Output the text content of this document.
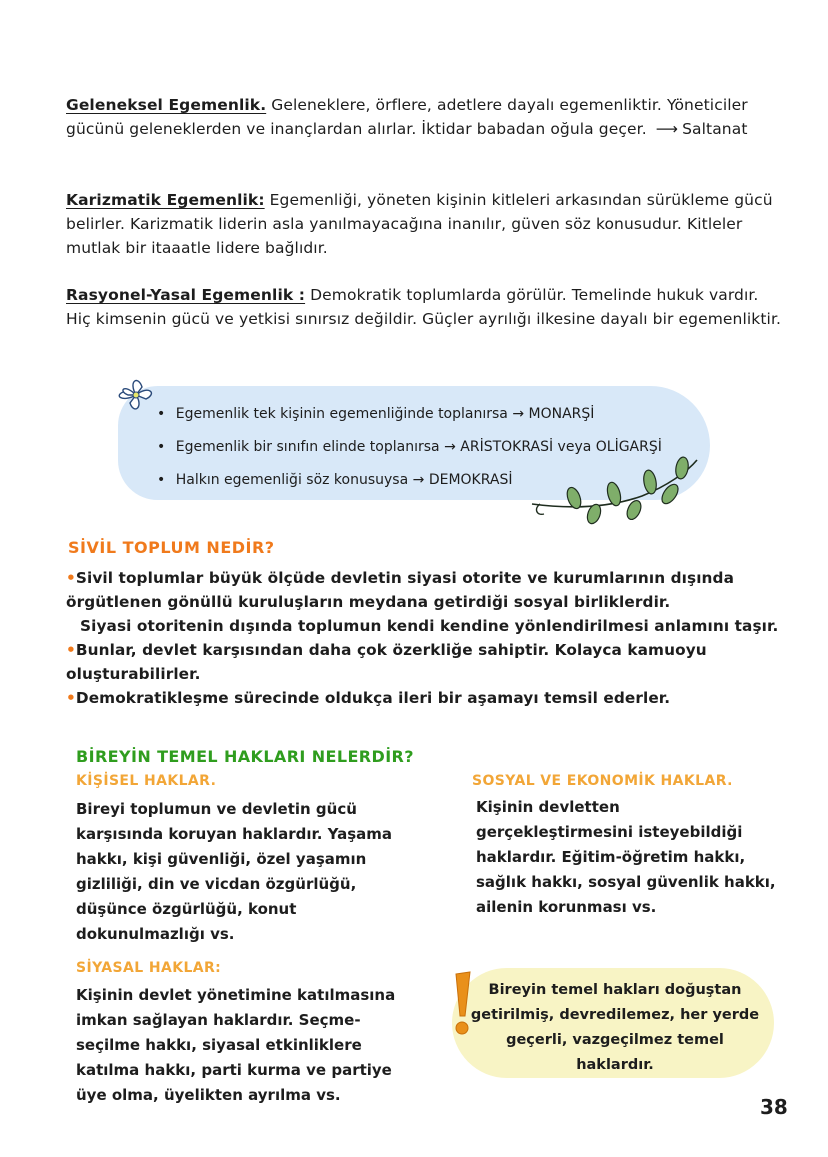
Geleneksel Egemenlik. Geleneklere, örflere, adetlere dayalı egemenliktir. Yöneticiler gücünü geleneklerden ve inançlardan alırlar. İktidar babadan oğula geçer. ⟶ Saltanat
Karizmatik Egemenlik: Egemenliği, yöneten kişinin kitleleri arkasından sürükleme gücü belirler. Karizmatik liderin asla yanılmayacağına inanılır, güven söz konusudur. Kitleler mutlak bir itaaatle lidere bağlıdır.
Rasyonel-Yasal Egemenlik : Demokratik toplumlarda görülür. Temelinde hukuk vardır. Hiç kimsenin gücü ve yetkisi sınırsız değildir. Güçler ayrılığı ilkesine dayalı bir egemenliktir.
• Egemenlik tek kişinin egemenliğinde toplanırsa → MONARŞİ
• Egemenlik bir sınıfın elinde toplanırsa → ARİSTOKRASİ veya OLİGARŞİ
• Halkın egemenliği söz konusuysa → DEMOKRASİ
SİVİL TOPLUM NEDİR?
•Sivil toplumlar büyük ölçüde devletin siyasi otorite ve kurumlarının dışında örgütlenen gönüllü kuruluşların meydana getirdiği sosyal birliklerdir.
Siyasi otoritenin dışında toplumun kendi kendine yönlendirilmesi anlamını taşır.
•Bunlar, devlet karşısından daha çok özerkliğe sahiptir. Kolayca kamuoyu oluşturabilirler.
•Demokratikleşme sürecinde oldukça ileri bir aşamayı temsil ederler.
BİREYİN TEMEL HAKLARI NELERDİR?
KİŞİSEL HAKLAR.
Bireyi toplumun ve devletin gücü karşısında koruyan haklardır. Yaşama hakkı, kişi güvenliği, özel yaşamın gizliliği, din ve vicdan özgürlüğü, düşünce özgürlüğü, konut dokunulmazlığı vs.
SOSYAL VE EKONOMİK HAKLAR.
Kişinin devletten gerçekleştirmesini isteyebildiği haklardır. Eğitim-öğretim hakkı, sağlık hakkı, sosyal güvenlik hakkı, ailenin korunması vs.
SİYASAL HAKLAR:
Kişinin devlet yönetimine katılmasına imkan sağlayan haklardır. Seçme-seçilme hakkı, siyasal etkinliklere katılma hakkı, parti kurma ve partiye üye olma, üyelikten ayrılma vs.
Bireyin temel hakları doğuştan getirilmiş, devredilemez, her yerde geçerli, vazgeçilmez temel haklardır.
38
